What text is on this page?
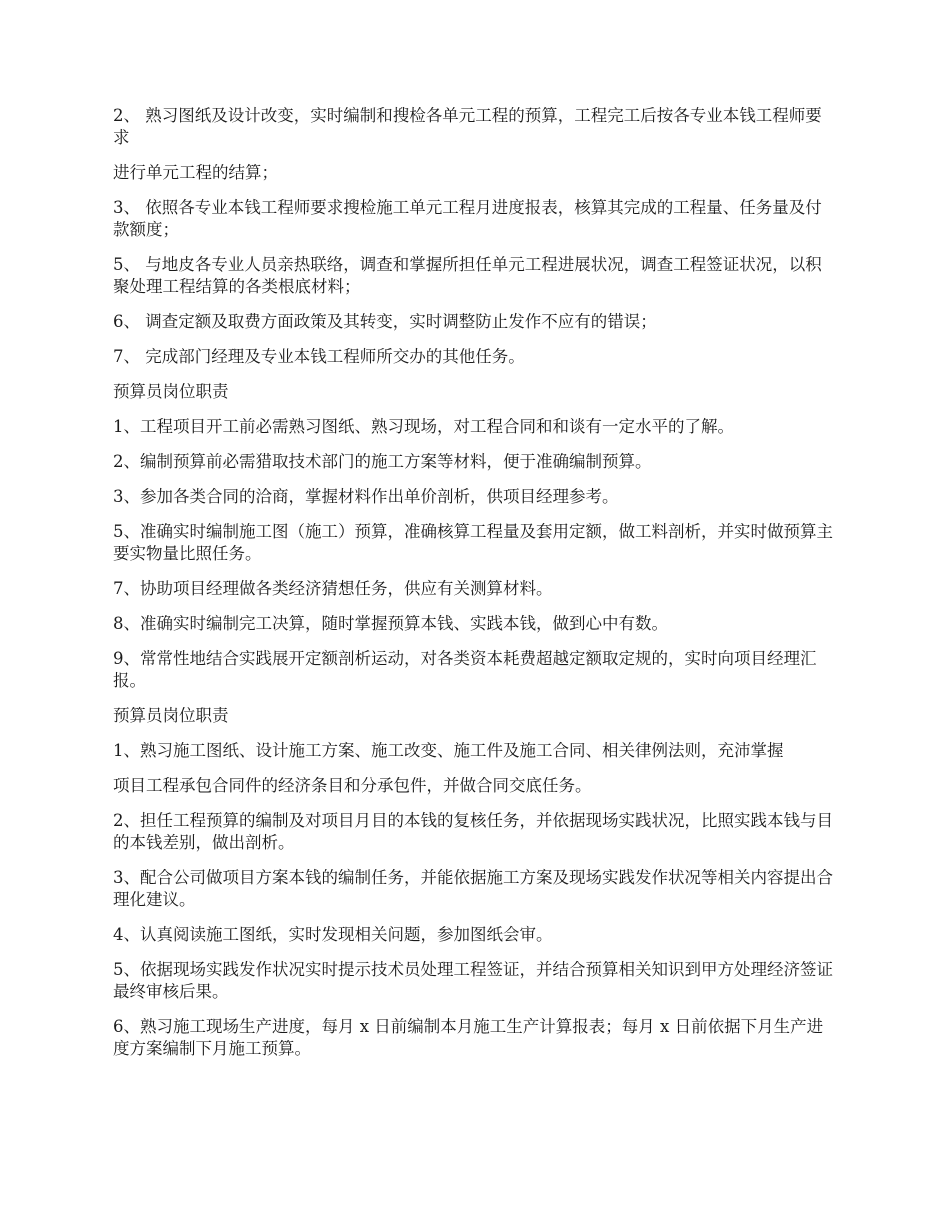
2、 熟习图纸及设计改变，实时编制和搜检各单元工程的预算，工程完工后按各专业本钱工程师要求

进行单元工程的结算；

3、 依照各专业本钱工程师要求搜检施工单元工程月进度报表，核算其完成的工程量、任务量及付款额度；

5、 与地皮各专业人员亲热联络，调查和掌握所担任单元工程进展状况，调查工程签证状况，以积聚处理工程结算的各类根底材料；

6、 调查定额及取费方面政策及其转变，实时调整防止发作不应有的错误；

7、 完成部门经理及专业本钱工程师所交办的其他任务。

预算员岗位职责

1、工程项目开工前必需熟习图纸、熟习现场，对工程合同和和谈有一定水平的了解。

2、编制预算前必需猎取技术部门的施工方案等材料，便于准确编制预算。

3、参加各类合同的洽商，掌握材料作出单价剖析，供项目经理参考。

5、准确实时编制施工图（施工）预算，准确核算工程量及套用定额，做工料剖析，并实时做预算主要实物量比照任务。

7、协助项目经理做各类经济猜想任务，供应有关测算材料。

8、准确实时编制完工决算，随时掌握预算本钱、实践本钱，做到心中有数。

9、常常性地结合实践展开定额剖析运动，对各类资本耗费超越定额取定规的，实时向项目经理汇报。

预算员岗位职责

1、熟习施工图纸、设计施工方案、施工改变、施工件及施工合同、相关律例法则，充沛掌握

项目工程承包合同件的经济条目和分承包件，并做合同交底任务。

2、担任工程预算的编制及对项目月目的本钱的复核任务，并依据现场实践状况，比照实践本钱与目的本钱差别，做出剖析。

3、配合公司做项目方案本钱的编制任务，并能依据施工方案及现场实践发作状况等相关内容提出合理化建议。

4、认真阅读施工图纸，实时发现相关问题，参加图纸会审。

5、依据现场实践发作状况实时提示技术员处理工程签证，并结合预算相关知识到甲方处理经济签证最终审核后果。

6、熟习施工现场生产进度，每月 x 日前编制本月施工生产计算报表；每月 x 日前依据下月生产进度方案编制下月施工预算。
